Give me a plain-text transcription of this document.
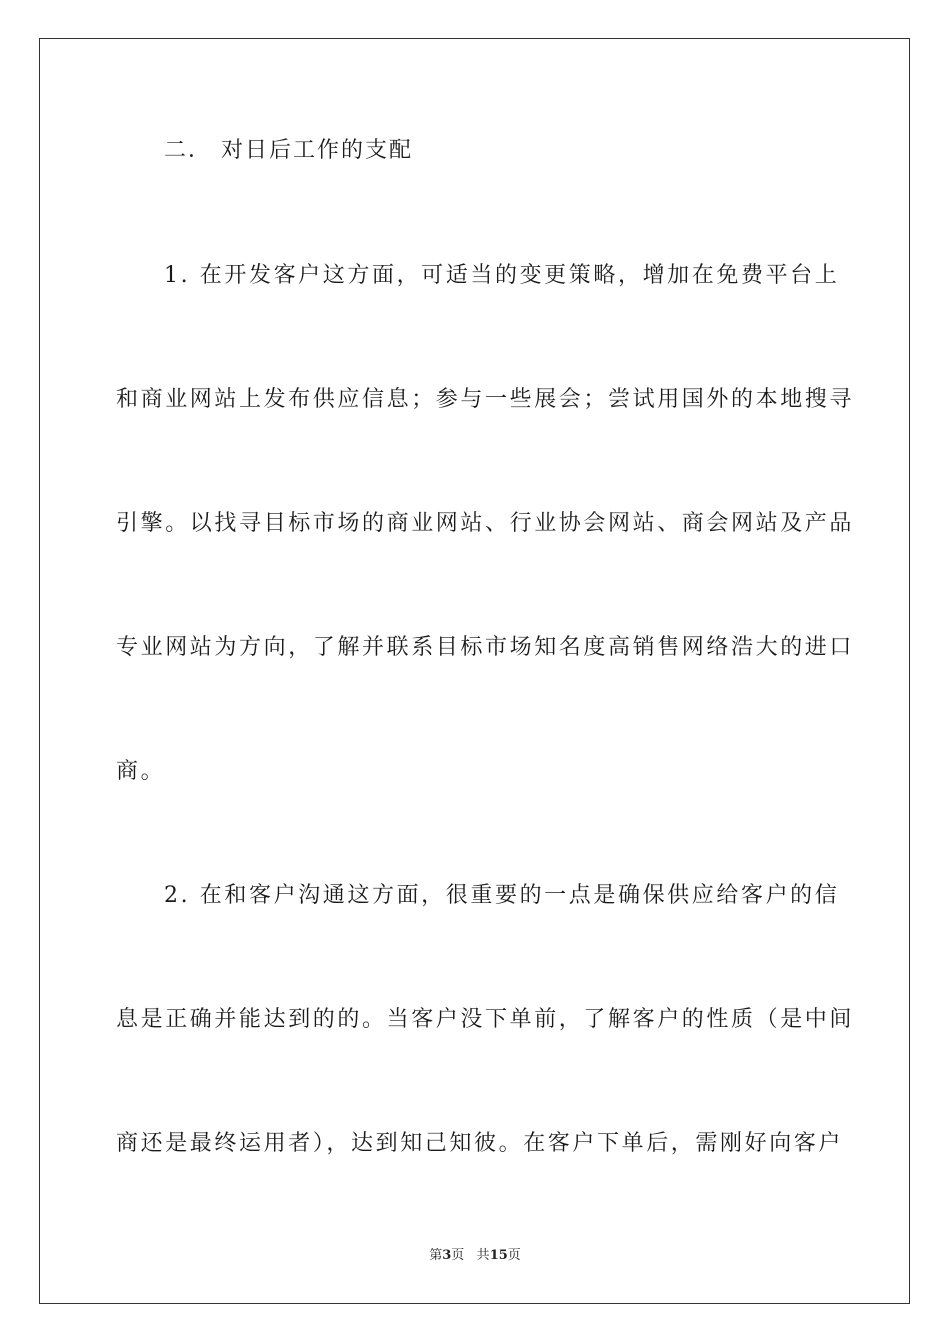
二． 对日后工作的支配
1. 在开发客户这方面，可适当的变更策略，增加在免费平台上
和商业网站上发布供应信息；参与一些展会；尝试用国外的本地搜寻
引擎。以找寻目标市场的商业网站、行业协会网站、商会网站及产品
专业网站为方向，了解并联系目标市场知名度高销售网络浩大的进口
商。
2. 在和客户沟通这方面，很重要的一点是确保供应给客户的信
息是正确并能达到的的。当客户没下单前，了解客户的性质（是中间
商还是最终运用者），达到知己知彼。在客户下单后，需刚好向客户
第3页 共15页
